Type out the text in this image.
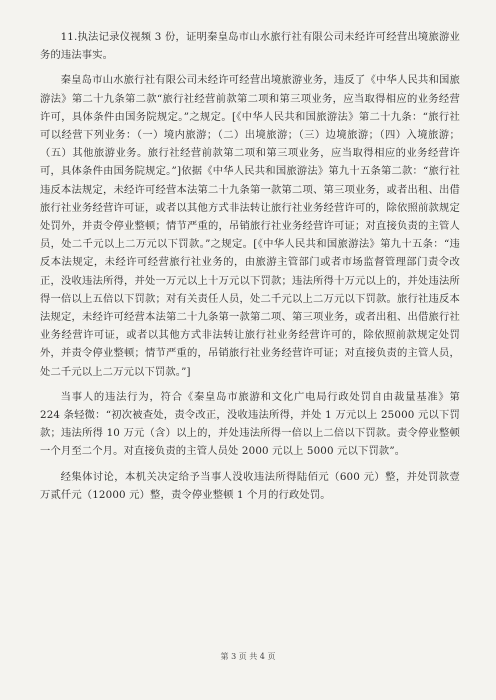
11.执法记录仪视频 3 份，证明秦皇岛市山水旅行社有限公司未经许可经营出境旅游业务的违法事实。

秦皇岛市山水旅行社有限公司未经许可经营出境旅游业务，违反了《中华人民共和国旅游法》第二十九条第二款“旅行社经营前款第二项和第三项业务，应当取得相应的业务经营许可，具体条件由国务院规定。”之规定。[《中华人民共和国旅游法》第二十九条：“旅行社可以经营下列业务：（一）境内旅游；（二）出境旅游；（三）边境旅游；（四）入境旅游；（五）其他旅游业务。旅行社经营前款第二项和第三项业务，应当取得相应的业务经营许可，具体条件由国务院规定。”]依据《中华人民共和国旅游法》第九十五条第二款：“旅行社违反本法规定，未经许可经营本法第二十九条第一款第二项、第三项业务，或者出租、出借旅行社业务经营许可证，或者以其他方式非法转让旅行社业务经营许可的，除依照前款规定处罚外，并责令停业整顿；情节严重的，吊销旅行社业务经营许可证；对直接负责的主管人员，处二千元以上二万元以下罚款。”之规定。[《中华人民共和国旅游法》第九十五条：“违反本法规定，未经许可经营旅行社业务的，由旅游主管部门或者市场监督管理部门责令改正，没收违法所得，并处一万元以上十万元以下罚款；违法所得十万元以上的，并处违法所得一倍以上五倍以下罚款；对有关责任人员，处二千元以上二万元以下罚款。旅行社违反本法规定，未经许可经营本法第二十九条第一款第二项、第三项业务，或者出租、出借旅行社业务经营许可证，或者以其他方式非法转让旅行社业务经营许可的，除依照前款规定处罚外，并责令停业整顿；情节严重的，吊销旅行社业务经营许可证；对直接负责的主管人员，处二千元以上二万元以下罚款。”]

当事人的违法行为，符合《秦皇岛市旅游和文化广电局行政处罚自由裁量基准》第 224 条轻微：“初次被查处，责令改正，没收违法所得，并处 1 万元以上 25000 元以下罚款；违法所得 10 万元（含）以上的，并处违法所得一倍以上二倍以下罚款。责令停业整顿一个月至二个月。对直接负责的主管人员处 2000 元以上 5000 元以下罚款”。

经集体讨论，本机关决定给予当事人没收违法所得陆佰元（600 元）整，并处罚款壹万贰仟元（12000 元）整，责令停业整顿 1 个月的行政处罚。

第 3 页 共 4 页
